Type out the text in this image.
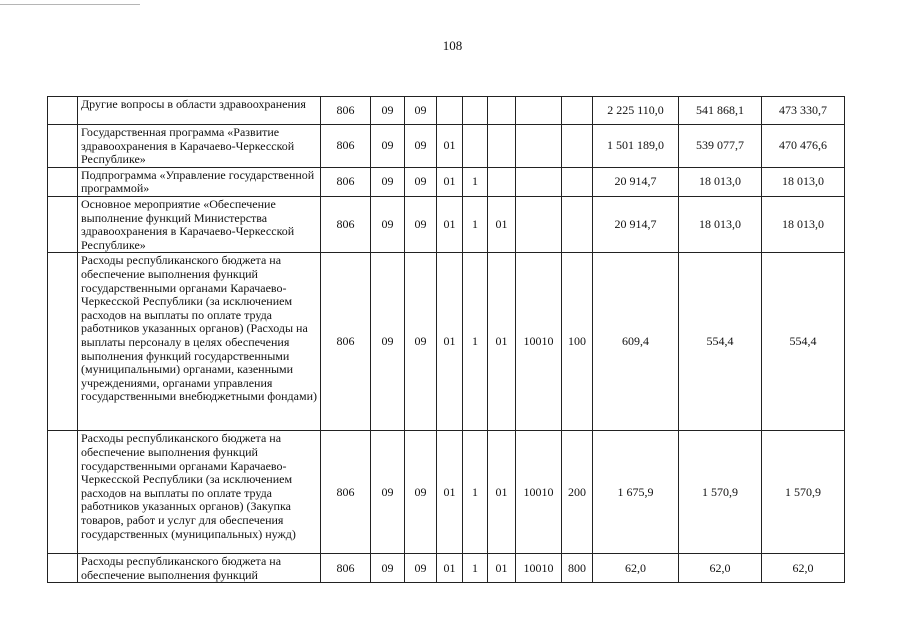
108
	Другие вопросы в области здравоохранения	806	09	09						2 225 110,0	541 868,1	473 330,7
	Государственная программа «Развитие здравоохранения в Карачаево-Черкесской Республике»	806	09	09	01					1 501 189,0	539 077,7	470 476,6
	Подпрограмма «Управление государственной программой»	806	09	09	01	1				20 914,7	18 013,0	18 013,0
	Основное мероприятие «Обеспечение выполнение функций Министерства здравоохранения в Карачаево-Черкесской Республике»	806	09	09	01	1	01			20 914,7	18 013,0	18 013,0
	Расходы республиканского бюджета на обеспечение выполнения функций государственными органами Карачаево-Черкесской Республики (за исключением расходов на выплаты по оплате труда работников указанных органов) (Расходы на выплаты персоналу в целях обеспечения выполнения функций государственными (муниципальными) органами, казенными учреждениями, органами управления государственными внебюджетными фондами)	806	09	09	01	1	01	10010	100	609,4	554,4	554,4
	Расходы республиканского бюджета на обеспечение выполнения функций государственными органами Карачаево-Черкесской Республики (за исключением расходов на выплаты по оплате труда работников указанных органов) (Закупка товаров, работ и услуг для обеспечения государственных (муниципальных) нужд)	806	09	09	01	1	01	10010	200	1 675,9	1 570,9	1 570,9

	Расходы республиканского бюджета на обеспечение выполнения функций	806	09	09	01	1	01	10010	800	62,0	62,0	62,0
